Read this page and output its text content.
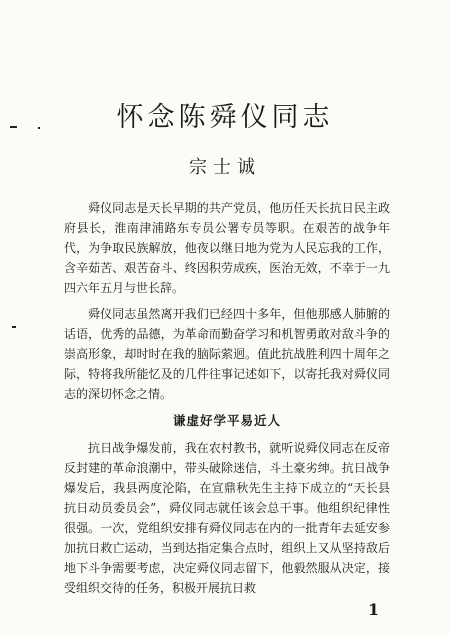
怀念陈舜仪同志
宗士诚

舜仪同志是天长早期的共产党员，他历任天长抗日民主政府县长，淮南津浦路东专员公署专员等职。在艰苦的战争年代，为争取民族解放，他夜以继日地为党为人民忘我的工作，含辛茹苦、艰苦奋斗、终因积劳成疾，医治无效，不幸于一九四六年五月与世长辞。

舜仪同志虽然离开我们已经四十多年，但他那感人肺腑的话语，优秀的品德，为革命而勤奋学习和机智勇敢对敌斗争的崇高形象，却时时在我的脑际萦迥。值此抗战胜利四十周年之际，特将我所能忆及的几件往事记述如下，以寄托我对舜仪同志的深切怀念之情。

谦虚好学平易近人

抗日战争爆发前，我在农村教书，就听说舜仪同志在反帝反封建的革命浪潮中，带头破除迷信，斗土豪劣绅。抗日战争爆发后，我县两度沦陷，在宣鼎秋先生主持下成立的“天长县抗日动员委员会”，舜仪同志就任该会总干事。他组织纪律性很强。一次，党组织安排有舜仪同志在内的一批青年去延安参加抗日救亡运动，当到达指定集合点时，组织上又从坚持敌后地下斗争需要考虑，决定舜仪同志留下，他毅然服从决定，接受组织交待的任务，积极开展抗日救

1
